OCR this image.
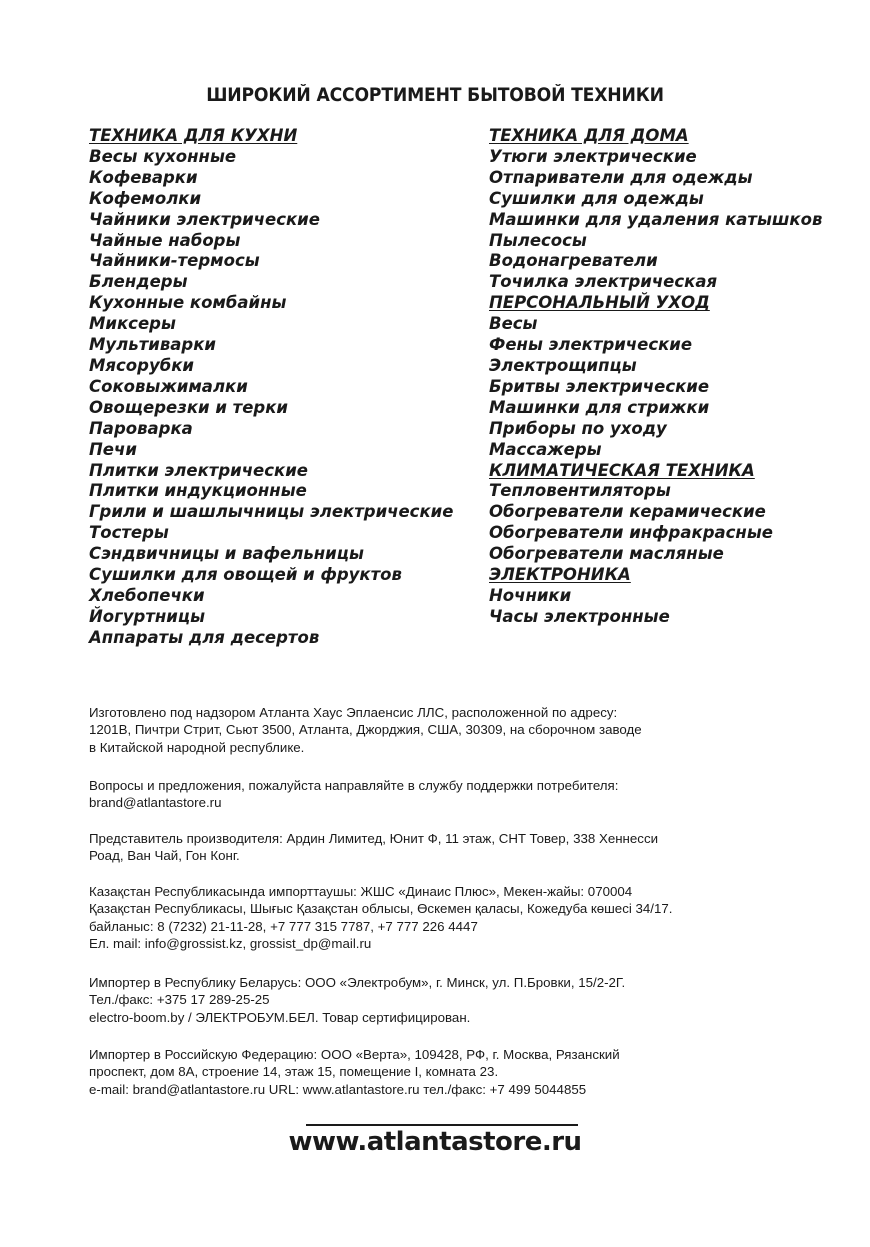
ШИРОКИЙ АССОРТИМЕНТ БЫТОВОЙ ТЕХНИКИ
ТЕХНИКА ДЛЯ КУХНИ
Весы кухонные
Кофеварки
Кофемолки
Чайники электрические
Чайные наборы
Чайники-термосы
Блендеры
Кухонные комбайны
Миксеры
Мультиварки
Мясорубки
Соковыжималки
Овощерезки и терки
Пароварка
Печи
Плитки электрические
Плитки индукционные
Грили и шашлычницы электрические
Тостеры
Сэндвичницы и вафельницы
Сушилки для овощей и фруктов
Хлебопечки
Йогуртницы
Аппараты для десертов
ТЕХНИКА ДЛЯ ДОМА
Утюги электрические
Отпариватели для одежды
Сушилки для одежды
Машинки для удаления катышков
Пылесосы
Водонагреватели
Точилка электрическая
ПЕРСОНАЛЬНЫЙ УХОД
Весы
Фены электрические
Электрощипцы
Бритвы электрические
Машинки для стрижки
Приборы по уходу
Массажеры
КЛИМАТИЧЕСКАЯ ТЕХНИКА
Тепловентиляторы
Обогреватели керамические
Обогреватели инфракрасные
Обогреватели масляные
ЭЛЕКТРОНИКА
Ночники
Часы электронные
Изготовлено под надзором Атланта Хаус Эплаенсис ЛЛС, расположенной по адресу:
1201B, Пичтри Стрит, Сьют 3500, Атланта, Джорджия, США, 30309, на сборочном заводе
в Китайской народной республике.
Вопросы и предложения, пожалуйста направляйте в службу поддержки потребителя:
brand@atlantastore.ru
Представитель производителя: Ардин Лимитед, Юнит Ф, 11 этаж, CHT Товер, 338 Хеннесси
Роад, Ван Чай, Гон Конг.
Казақстан Республикасында импорттаушы: ЖШС «Динаис Плюс», Мекен-жайы: 070004
Қазақстан Республикасы, Шығыс Қазақстан облысы, Өскемен қаласы, Кожедуба көшесі 34/17.
байланыс: 8 (7232) 21-11-28, +7 777 315 7787, +7 777 226 4447
Ел. mail: info@grossist.kz, grossist_dp@mail.ru
Импортер в Республику Беларусь: ООО «Электробум», г. Минск, ул. П.Бровки, 15/2-2Г.
Тел./факс: +375 17 289-25-25
electro-boom.by / ЭЛЕКТРОБУМ.БЕЛ. Товар сертифицирован.
Импортер в Российскую Федерацию: ООО «Верта», 109428, РФ, г. Москва, Рязанский
проспект, дом 8А, строение 14, этаж 15, помещение I, комната 23.
e-mail: brand@atlantastore.ru URL: www.atlantastore.ru тел./факс: +7 499 5044855
www.atlantastore.ru
